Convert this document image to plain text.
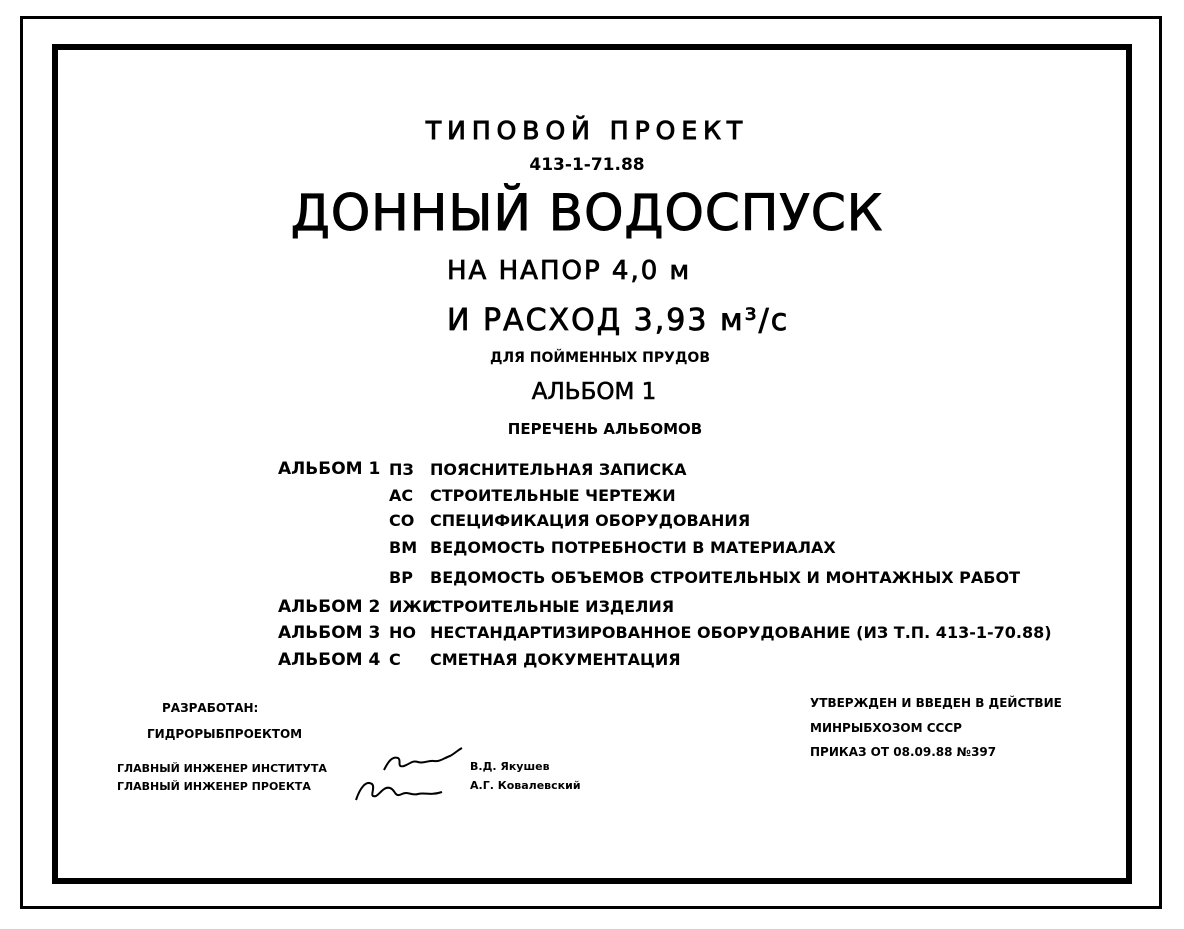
ТИПОВОЙ ПРОЕКТ
413-1-71.88
ДОННЫЙ ВОДОСПУСК
НА НАПОР 4,0 м
И РАСХОД 3,93 м³/с
ДЛЯ ПОЙМЕННЫХ ПРУДОВ
АЛЬБОМ 1
ПЕРЕЧЕНЬ АЛЬБОМОВ
АЛЬБОМ 1 ПЗ ПОЯСНИТЕЛЬНАЯ ЗАПИСКА
АС СТРОИТЕЛЬНЫЕ ЧЕРТЕЖИ
СО СПЕЦИФИКАЦИЯ ОБОРУДОВАНИЯ
ВМ ВЕДОМОСТЬ ПОТРЕБНОСТИ В МАТЕРИАЛАХ
ВР ВЕДОМОСТЬ ОБЪЕМОВ СТРОИТЕЛЬНЫХ И МОНТАЖНЫХ РАБОТ
АЛЬБОМ 2 ИЖИ
СТРОИТЕЛЬНЫЕ ИЗДЕЛИЯ
АЛЬБОМ 3 НО НЕСТАНДАРТИЗИРОВАННОЕ ОБОРУДОВАНИЕ (ИЗ Т.П. 413-1-70.88)
АЛЬБОМ 4 С СМЕТНАЯ ДОКУМЕНТАЦИЯ
РАЗРАБОТАН:
ГИДРОРЫБПРОЕКТОМ
ГЛАВНЫЙ ИНЖЕНЕР ИНСТИТУТА
ГЛАВНЫЙ ИНЖЕНЕР ПРОЕКТА
В.Д. Якушев
А.Г. Ковалевский
УТВЕРЖДЕН И ВВЕДЕН В ДЕЙСТВИЕ
МИНРЫБХОЗОМ СССР
ПРИКАЗ ОТ 08.09.88 №397
